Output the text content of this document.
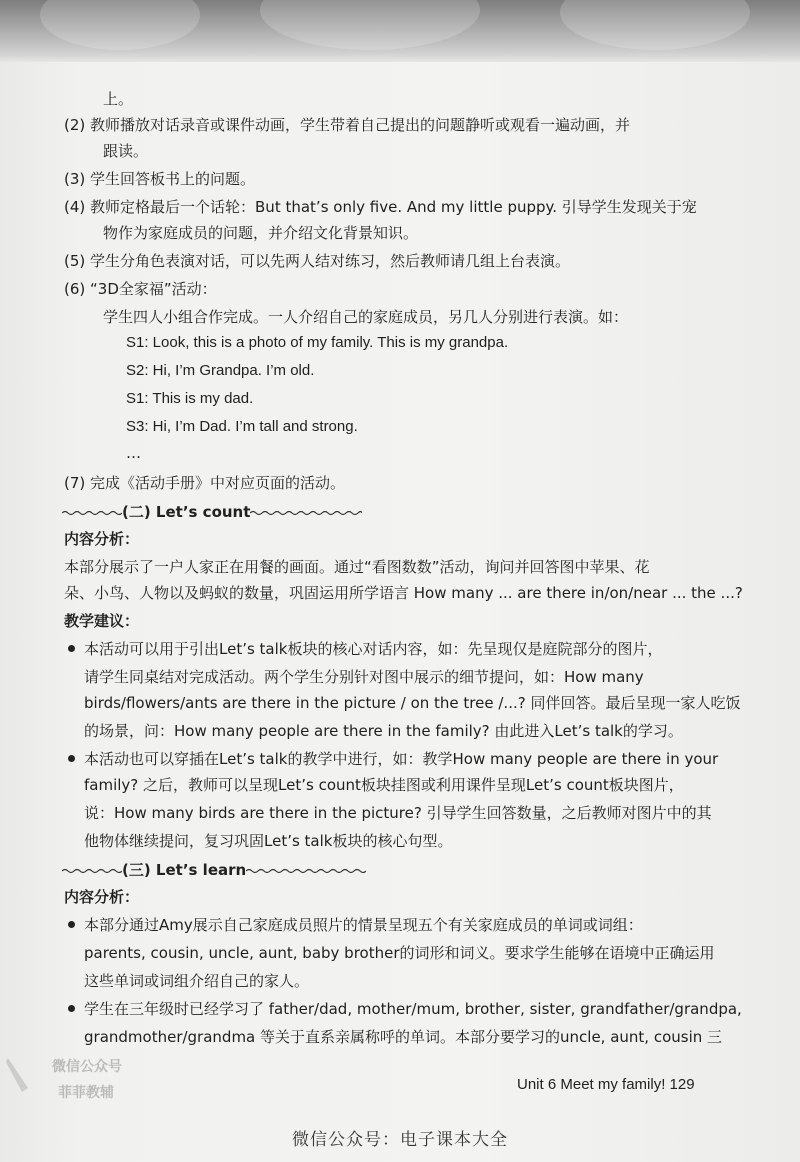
上。
(2) 教师播放对话录音或课件动画，学生带着自己提出的问题静听或观看一遍动画，并
跟读。
(3) 学生回答板书上的问题。
(4) 教师定格最后一个话轮：But that’s only five. And my little puppy. 引导学生发现关于宠
物作为家庭成员的问题，并介绍文化背景知识。
(5) 学生分角色表演对话，可以先两人结对练习，然后教师请几组上台表演。
(6) “3D全家福”活动：
学生四人小组合作完成。一人介绍自己的家庭成员，另几人分别进行表演。如：
S1: Look, this is a photo of my family. This is my grandpa.
S2: Hi, I’m Grandpa. I’m old.
S1: This is my dad.
S3: Hi, I’m Dad. I’m tall and strong.
…
(7) 完成《活动手册》中对应页面的活动。
(二) Let’s count
内容分析：
本部分展示了一户人家正在用餐的画面。通过“看图数数”活动，询问并回答图中苹果、花
朵、小鸟、人物以及蚂蚁的数量，巩固运用所学语言 How many ... are there in/on/near ... the ...?
教学建议：
本活动可以用于引出Let’s talk板块的核心对话内容，如：先呈现仅是庭院部分的图片，
请学生同桌结对完成活动。两个学生分别针对图中展示的细节提问，如：How many
birds/flowers/ants are there in the picture / on the tree /...? 同伴回答。最后呈现一家人吃饭
的场景，问：How many people are there in the family? 由此进入Let’s talk的学习。
本活动也可以穿插在Let’s talk的教学中进行，如：教学How many people are there in your
family? 之后，教师可以呈现Let’s count板块挂图或利用课件呈现Let’s count板块图片，
说：How many birds are there in the picture? 引导学生回答数量，之后教师对图片中的其
他物体继续提问，复习巩固Let’s talk板块的核心句型。
(三) Let’s learn
内容分析：
本部分通过Amy展示自己家庭成员照片的情景呈现五个有关家庭成员的单词或词组：
parents, cousin, uncle, aunt, baby brother的词形和词义。要求学生能够在语境中正确运用
这些单词或词组介绍自己的家人。
学生在三年级时已经学习了 father/dad, mother/mum, brother, sister, grandfather/grandpa,
grandmother/grandma 等关于直系亲属称呼的单词。本部分要学习的uncle, aunt, cousin 三
微信公众号
菲菲教辅	Unit 6 Meet my family! 129
微信公众号：电子课本大全
